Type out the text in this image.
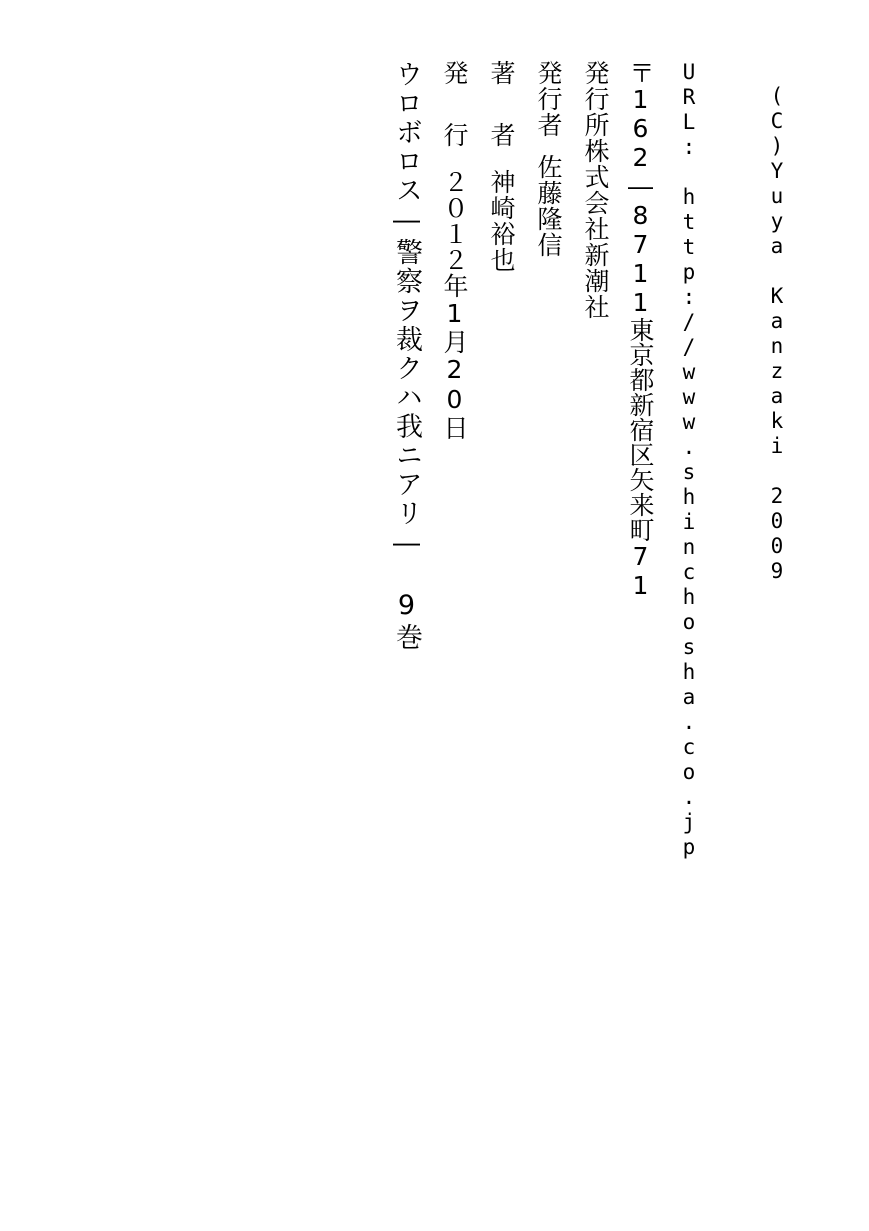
ウロボロス―警察ヲ裁クハ我ニアリ―　9巻 発　行２０１２年1月20日
著　者神崎裕也
発行者佐藤隆信
発行所株式会社新潮社 〒162―8711東京都新宿区矢来町71 URL: http://www.shinchosha.co.jp	(C)Yuya Kanzaki 2009
